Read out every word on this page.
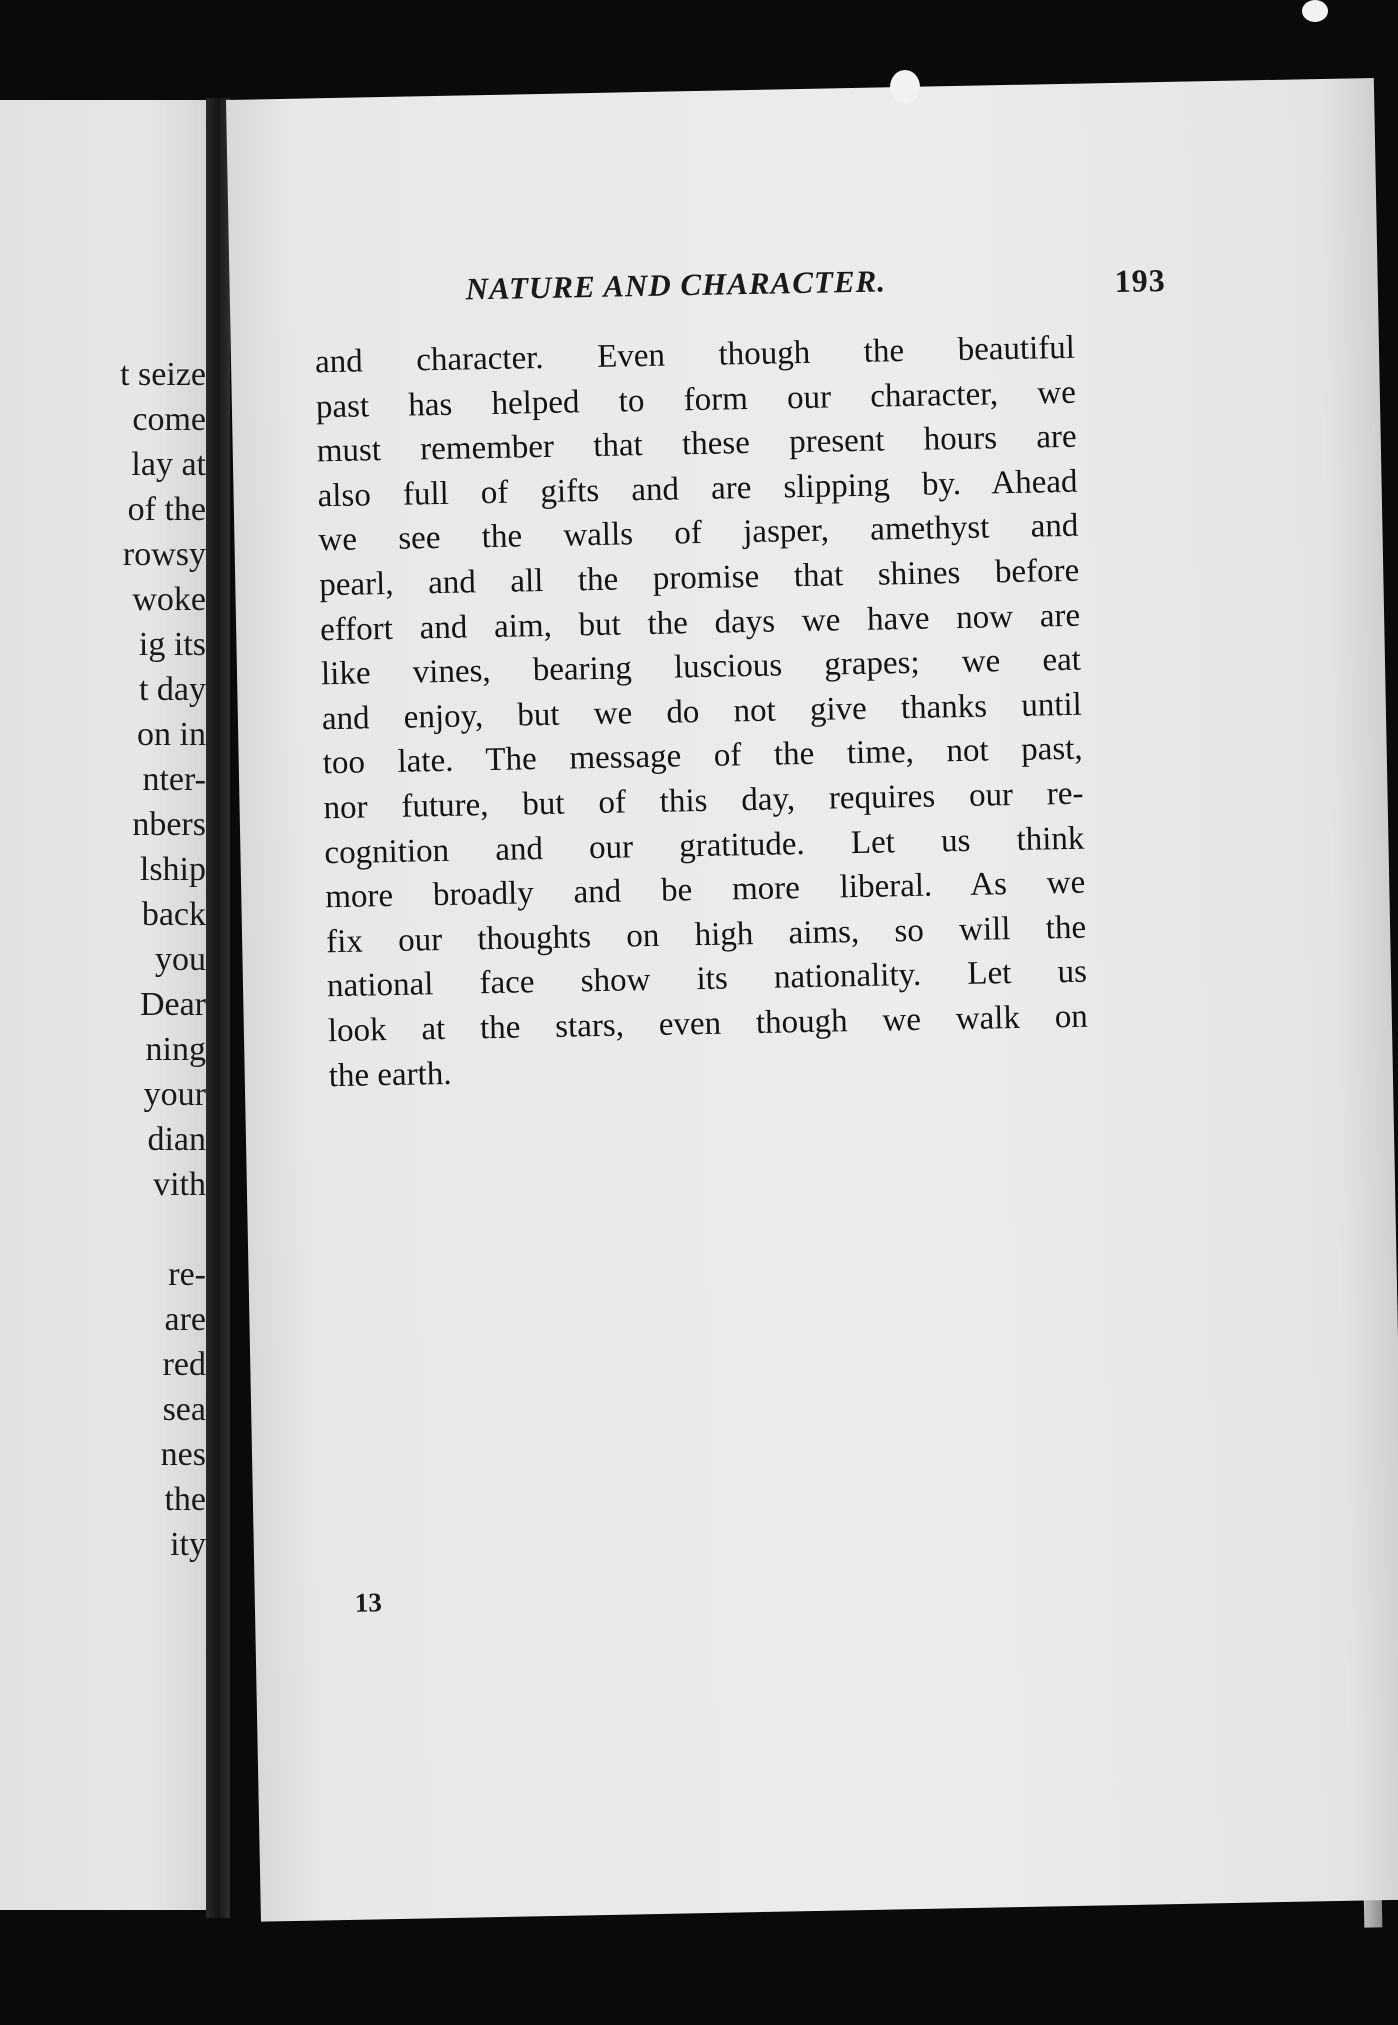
t seize
come
lay at
of the
rowsy
woke
ig its
t day
on in
nter-
nbers
lship
back
you
Dear
ning
your
dian
vith
re-
are
red
sea
nes
the
ity
NATURE AND CHARACTER.	193
and character. Even though the beautiful
past has helped to form our character, we
must remember that these present hours are
also full of gifts and are slipping by. Ahead
we see the walls of jasper, amethyst and
pearl, and all the promise that shines before
effort and aim, but the days we have now are
like vines, bearing luscious grapes; we eat
and enjoy, but we do not give thanks until
too late. The message of the time, not past,
nor future, but of this day, requires our re-
cognition and our gratitude. Let us think
more broadly and be more liberal. As we
fix our thoughts on high aims, so will the
national face show its nationality. Let us
look at the stars, even though we walk on
the earth.
13
